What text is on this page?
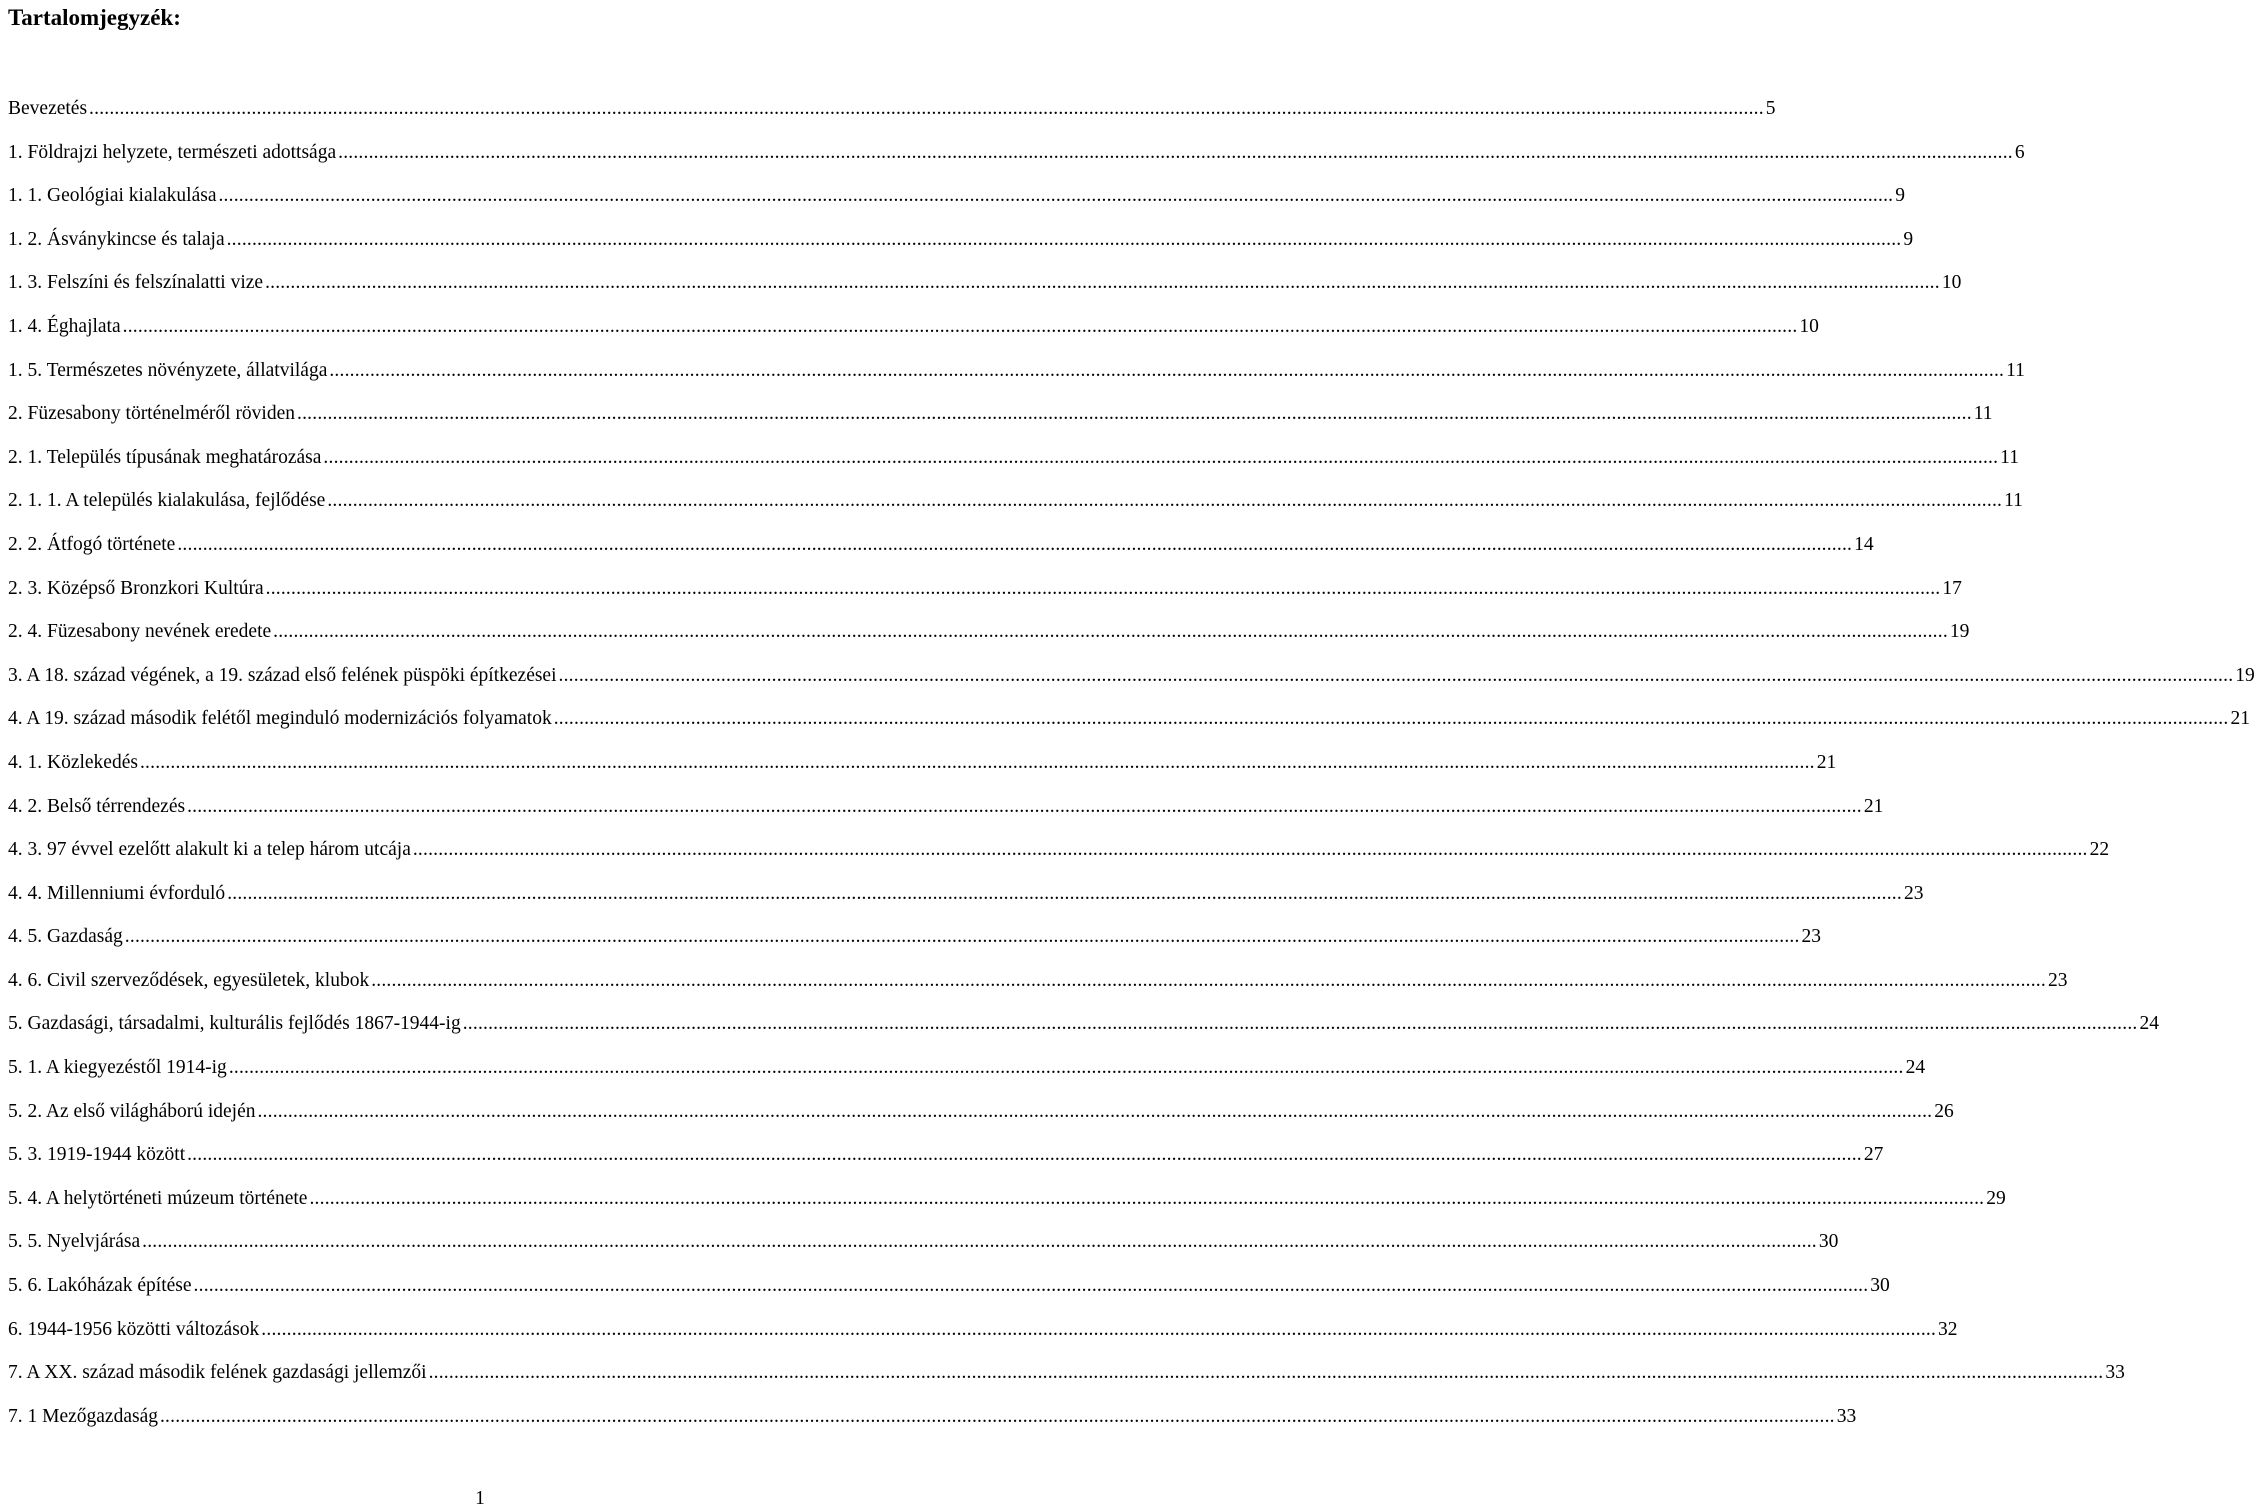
Tartalomjegyzék:
Bevezetés .....	5
1. Földrajzi helyzete, természeti adottsága .....	6
1. 1. Geológiai kialakulása .....	9
1. 2. Ásványkincse és talaja .....	9
1. 3. Felszíni és felszínalatti vize .....	10
1. 4. Éghajlata .....	10
1. 5. Természetes növényzete, állatvilága .....	11
2. Füzesabony történelméről röviden .....	11
2. 1. Település típusának meghatározása .....	11
2. 1. 1. A település kialakulása, fejlődése .....	11
2. 2. Átfogó története .....	14
2. 3. Középső Bronzkori Kultúra .....	17
2. 4. Füzesabony nevének eredete .....	19
3. A 18. század végének, a 19. század első felének püspöki építkezései .....	19
4. A 19. század második felétől meginduló modernizációs folyamatok .....	21
4. 1. Közlekedés .....	21
4. 2. Belső térrendezés .....	21
4. 3. 97 évvel ezelőtt alakult ki a telep három utcája .....	22
4. 4. Millenniumi évforduló .....	23
4. 5. Gazdaság .....	23
4. 6. Civil szerveződések, egyesületek, klubok .....	23
5. Gazdasági, társadalmi, kulturális fejlődés 1867-1944-ig .....	24
5. 1. A kiegyezéstől 1914-ig .....	24
5. 2. Az első világháború idején .....	26
5. 3. 1919-1944 között .....	27
5. 4. A helytörténeti múzeum története .....	29
5. 5. Nyelvjárása .....	30
5. 6. Lakóházak építése .....	30
6. 1944-1956 közötti változások .....	32
7. A XX. század második felének gazdasági jellemzői .....	33
7. 1 Mezőgazdaság .....	33
1
